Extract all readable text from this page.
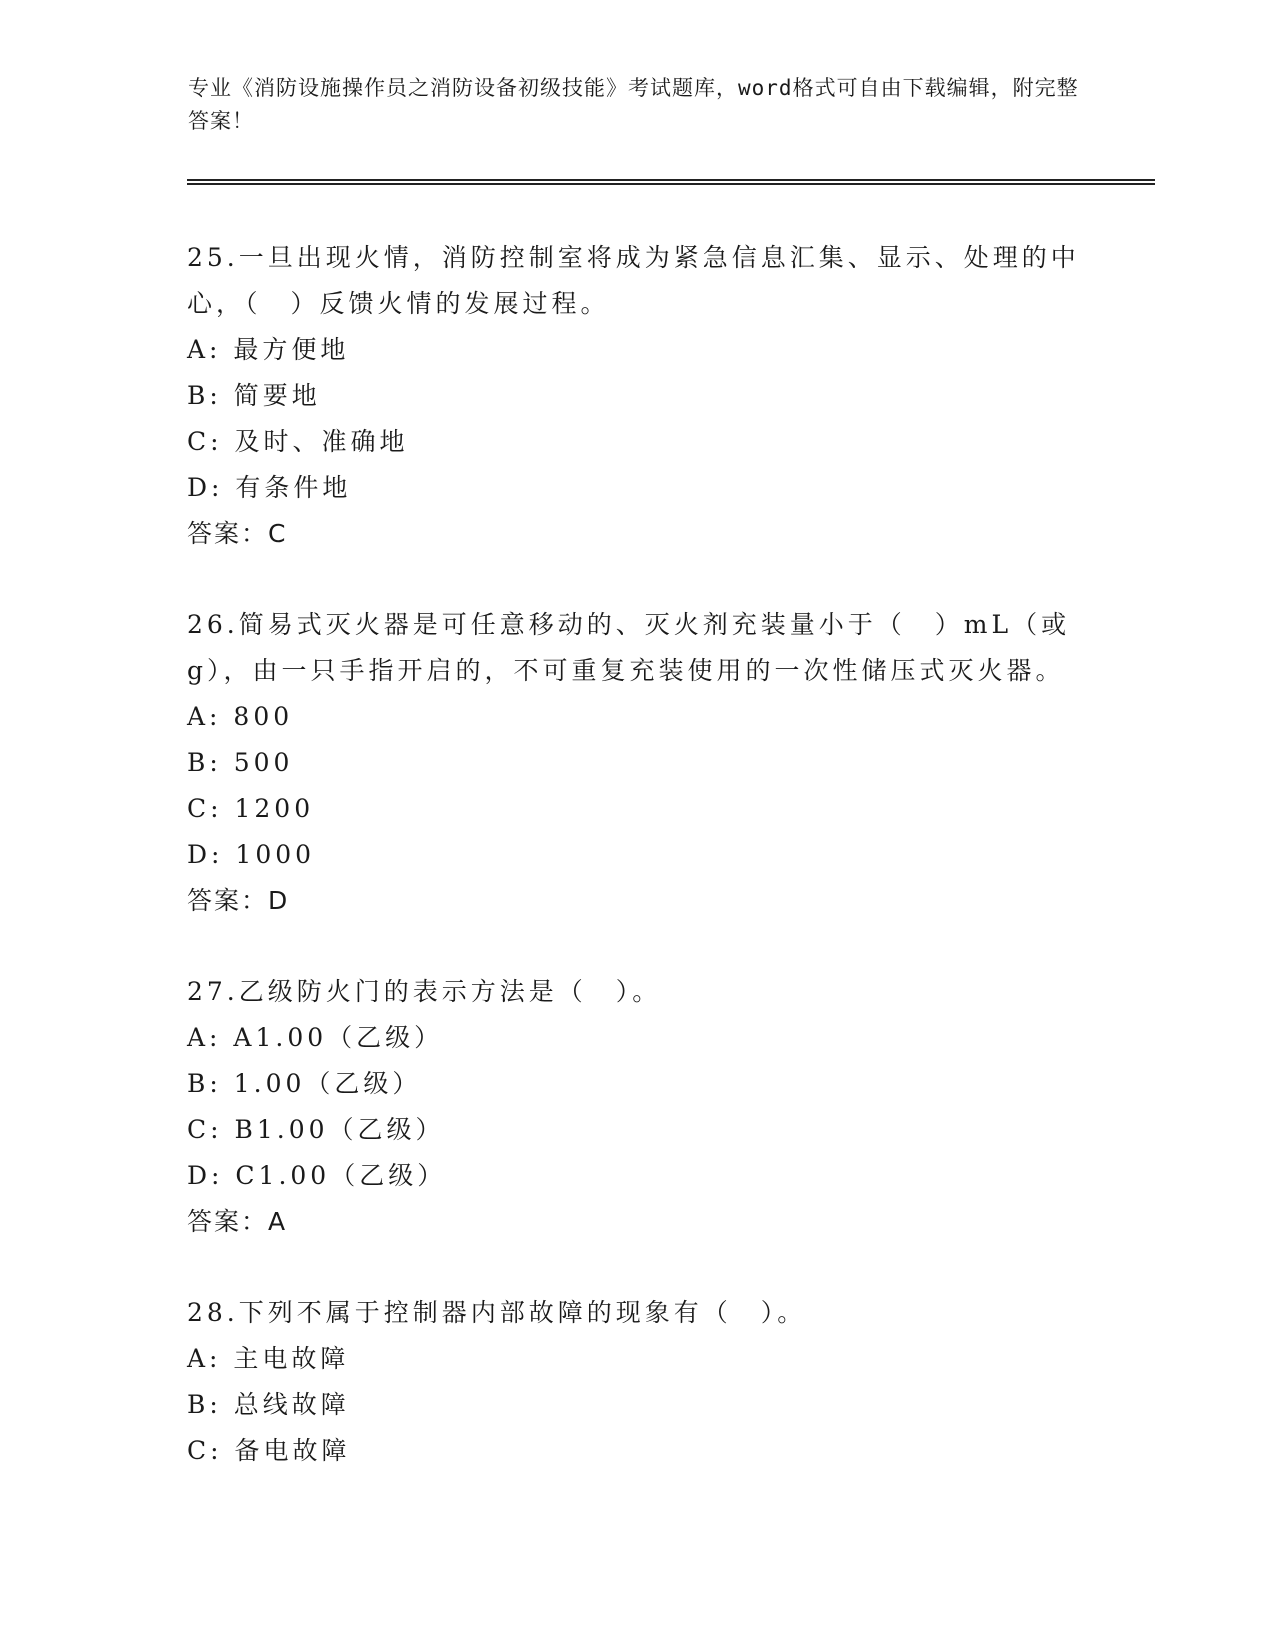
专业《消防设施操作员之消防设备初级技能》考试题库，word格式可自由下载编辑，附完整答案！

25.一旦出现火情，消防控制室将成为紧急信息汇集、显示、处理的中心，（　）反馈火情的发展过程。

A: 最方便地

B: 简要地

C: 及时、准确地

D: 有条件地

答案：C

26.简易式灭火器是可任意移动的、灭火剂充装量小于（　）mL（或g），由一只手指开启的，不可重复充装使用的一次性储压式灭火器。

A: 800

B: 500

C: 1200

D: 1000

答案：D

27.乙级防火门的表示方法是（　）。

A: A1.00（乙级）

B: 1.00（乙级）

C: B1.00（乙级）

D: C1.00（乙级）

答案：A

28.下列不属于控制器内部故障的现象有（　）。

A: 主电故障

B: 总线故障

C: 备电故障
